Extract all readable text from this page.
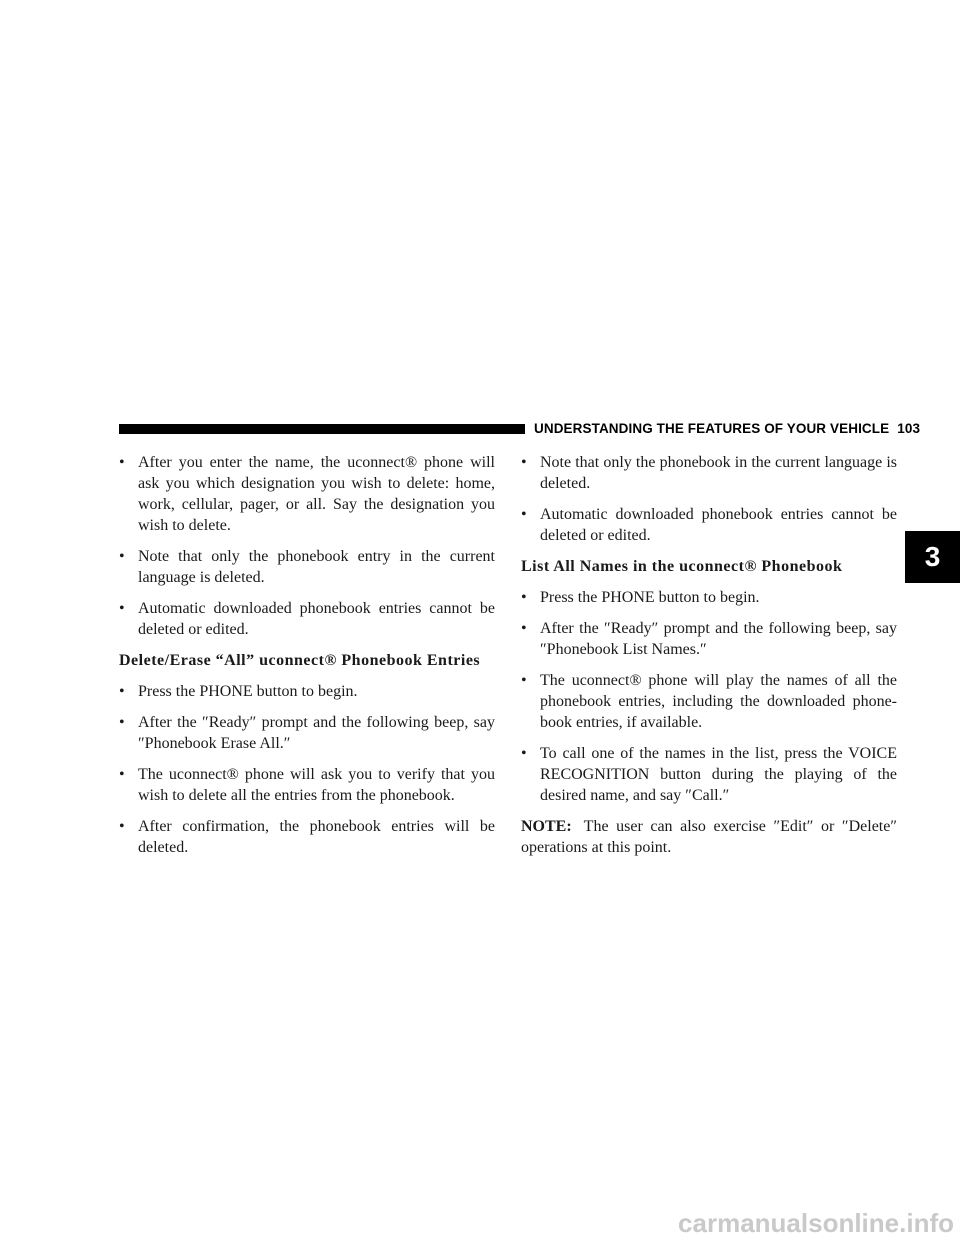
UNDERSTANDING THE FEATURES OF YOUR VEHICLE 103
3

• After you enter the name, the uconnect® phone will ask you which designation you wish to delete: home, work, cellular, pager, or all. Say the designation you wish to delete.

• Note that only the phonebook entry in the current language is deleted.

• Automatic downloaded phonebook entries cannot be deleted or edited.

Delete/Erase “All” uconnect® Phonebook Entries

• Press the PHONE button to begin.

• After the ″Ready″ prompt and the following beep, say ″Phonebook Erase All.″

• The uconnect® phone will ask you to verify that you wish to delete all the entries from the phonebook.

• After confirmation, the phonebook entries will be deleted.

• Note that only the phonebook in the current language is deleted.

• Automatic downloaded phonebook entries cannot be deleted or edited.

List All Names in the uconnect® Phonebook

• Press the PHONE button to begin.

• After the ″Ready″ prompt and the following beep, say ″Phonebook List Names.″

• The uconnect® phone will play the names of all the phonebook entries, including the downloaded phone-book entries, if available.

• To call one of the names in the list, press the VOICE RECOGNITION button during the playing of the desired name, and say ″Call.″

NOTE: The user can also exercise ″Edit″ or ″Delete″ operations at this point.

carmanualsonline.info
